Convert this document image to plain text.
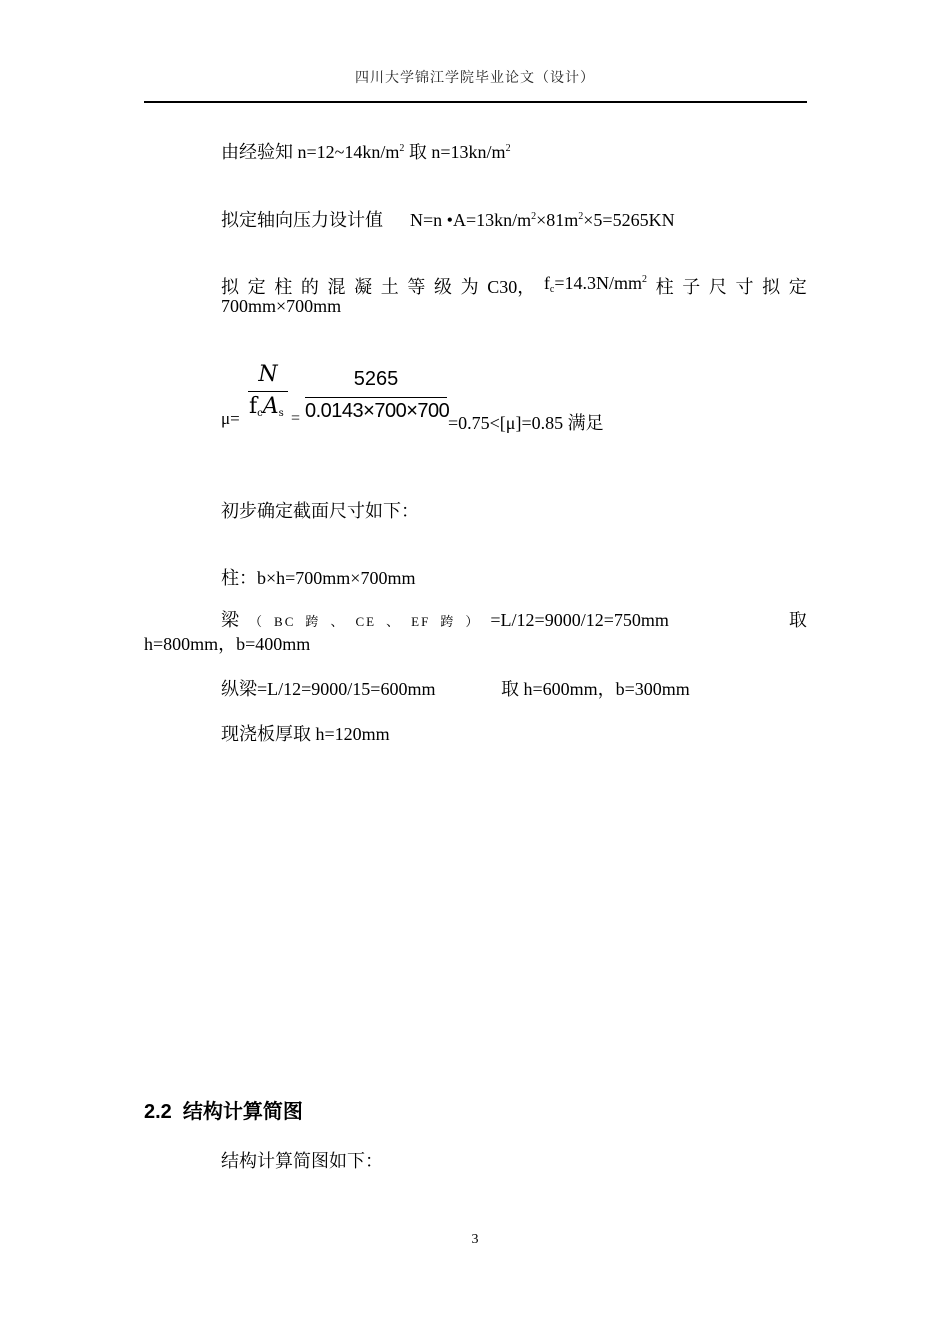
四川大学锦江学院毕业论文（设计）
由经验知 $n=12\sim 14kn/m^2$ 取 $n=13kn/m^2$
拟定轴向压力设计值      N=n $•A=13kn/m^2\times 81m^2\times 5=5265KN$
拟 定 柱 的 混 凝 土 等 级 为 C30， $f_c=14.3N/mm^2$ 柱 子 尺 寸 拟 定
700mm×700mm
μ=
N
$f_cA_s$ =
5265
0.0143×700×700
=0.75<[μ]=0.85 满足
初步确定截面尺寸如下：
柱：b×h=700mm×700mm
梁 （ BC 跨 、 CE 、 EF 跨 ） =L/12=9000/12=750mm	取
h=800mm，b=400mm
纵梁=L/12=9000/15=600mm	取 h=600mm，b=300mm
现浇板厚取 h=120mm
2.2  结构计算简图
结构计算简图如下：
3
